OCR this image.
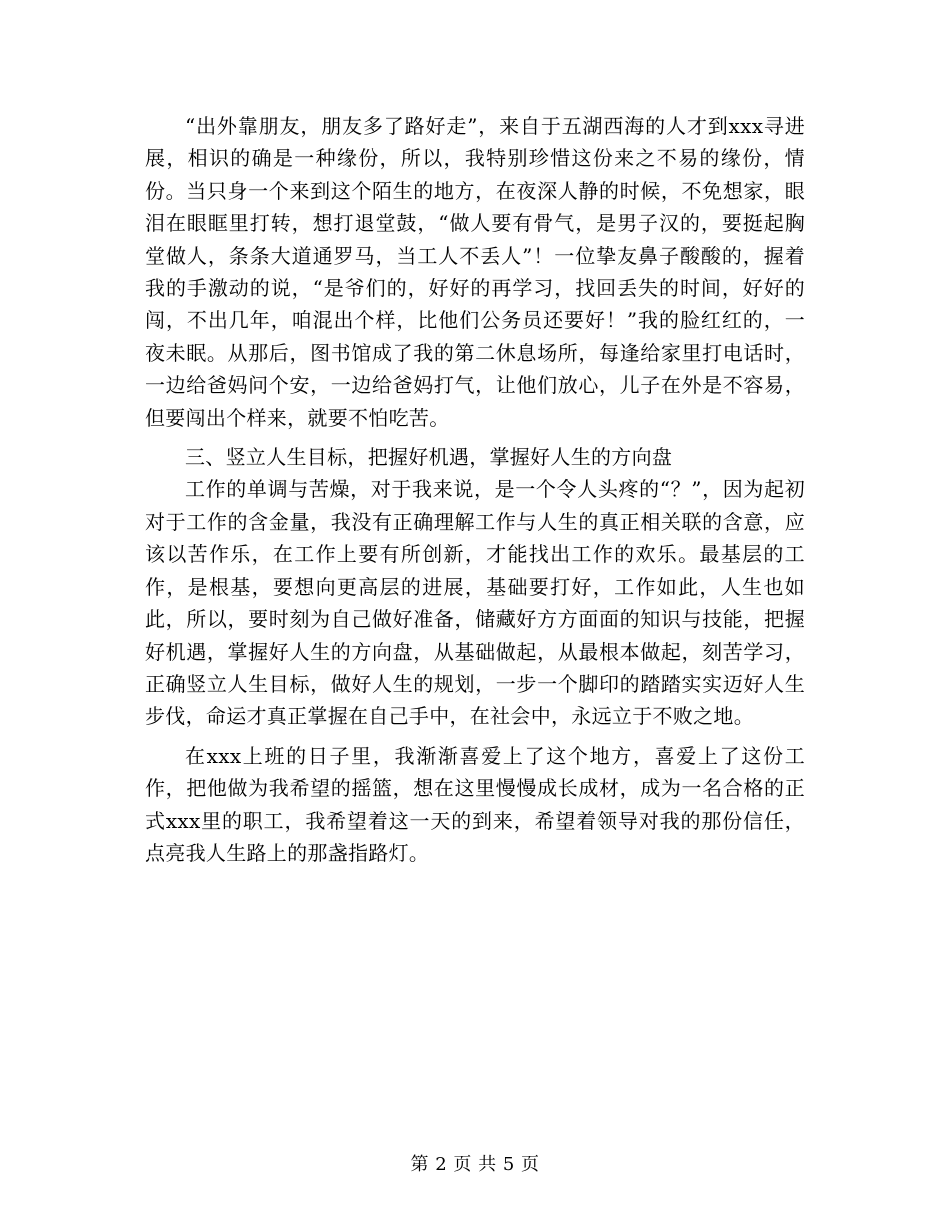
“出外靠朋友，朋友多了路好走”，来自于五湖西海的人才到xxx寻进展，相识的确是一种缘份，所以，我特别珍惜这份来之不易的缘份，情份。当只身一个来到这个陌生的地方，在夜深人静的时候，不免想家，眼泪在眼眶里打转，想打退堂鼓，“做人要有骨气，是男子汉的，要挺起胸堂做人，条条大道通罗马，当工人不丢人”！一位挚友鼻子酸酸的，握着我的手激动的说，“是爷们的，好好的再学习，找回丢失的时间，好好的闯，不出几年，咱混出个样，比他们公务员还要好！”我的脸红红的，一夜未眠。从那后，图书馆成了我的第二休息场所，每逢给家里打电话时，一边给爸妈问个安，一边给爸妈打气，让他们放心，儿子在外是不容易，但要闯出个样来，就要不怕吃苦。

三、竖立人生目标，把握好机遇，掌握好人生的方向盘

工作的单调与苦燥，对于我来说，是一个令人头疼的“？”，因为起初对于工作的含金量，我没有正确理解工作与人生的真正相关联的含意，应该以苦作乐，在工作上要有所创新，才能找出工作的欢乐。最基层的工作，是根基，要想向更高层的进展，基础要打好，工作如此，人生也如此，所以，要时刻为自己做好准备，储藏好方方面面的知识与技能，把握好机遇，掌握好人生的方向盘，从基础做起，从最根本做起，刻苦学习，正确竖立人生目标，做好人生的规划，一步一个脚印的踏踏实实迈好人生步伐，命运才真正掌握在自己手中，在社会中，永远立于不败之地。

在xxx上班的日子里，我渐渐喜爱上了这个地方，喜爱上了这份工作，把他做为我希望的摇篮，想在这里慢慢成长成材，成为一名合格的正式xxx里的职工，我希望着这一天的到来，希望着领导对我的那份信任，点亮我人生路上的那盏指路灯。

第 2 页 共 5 页
